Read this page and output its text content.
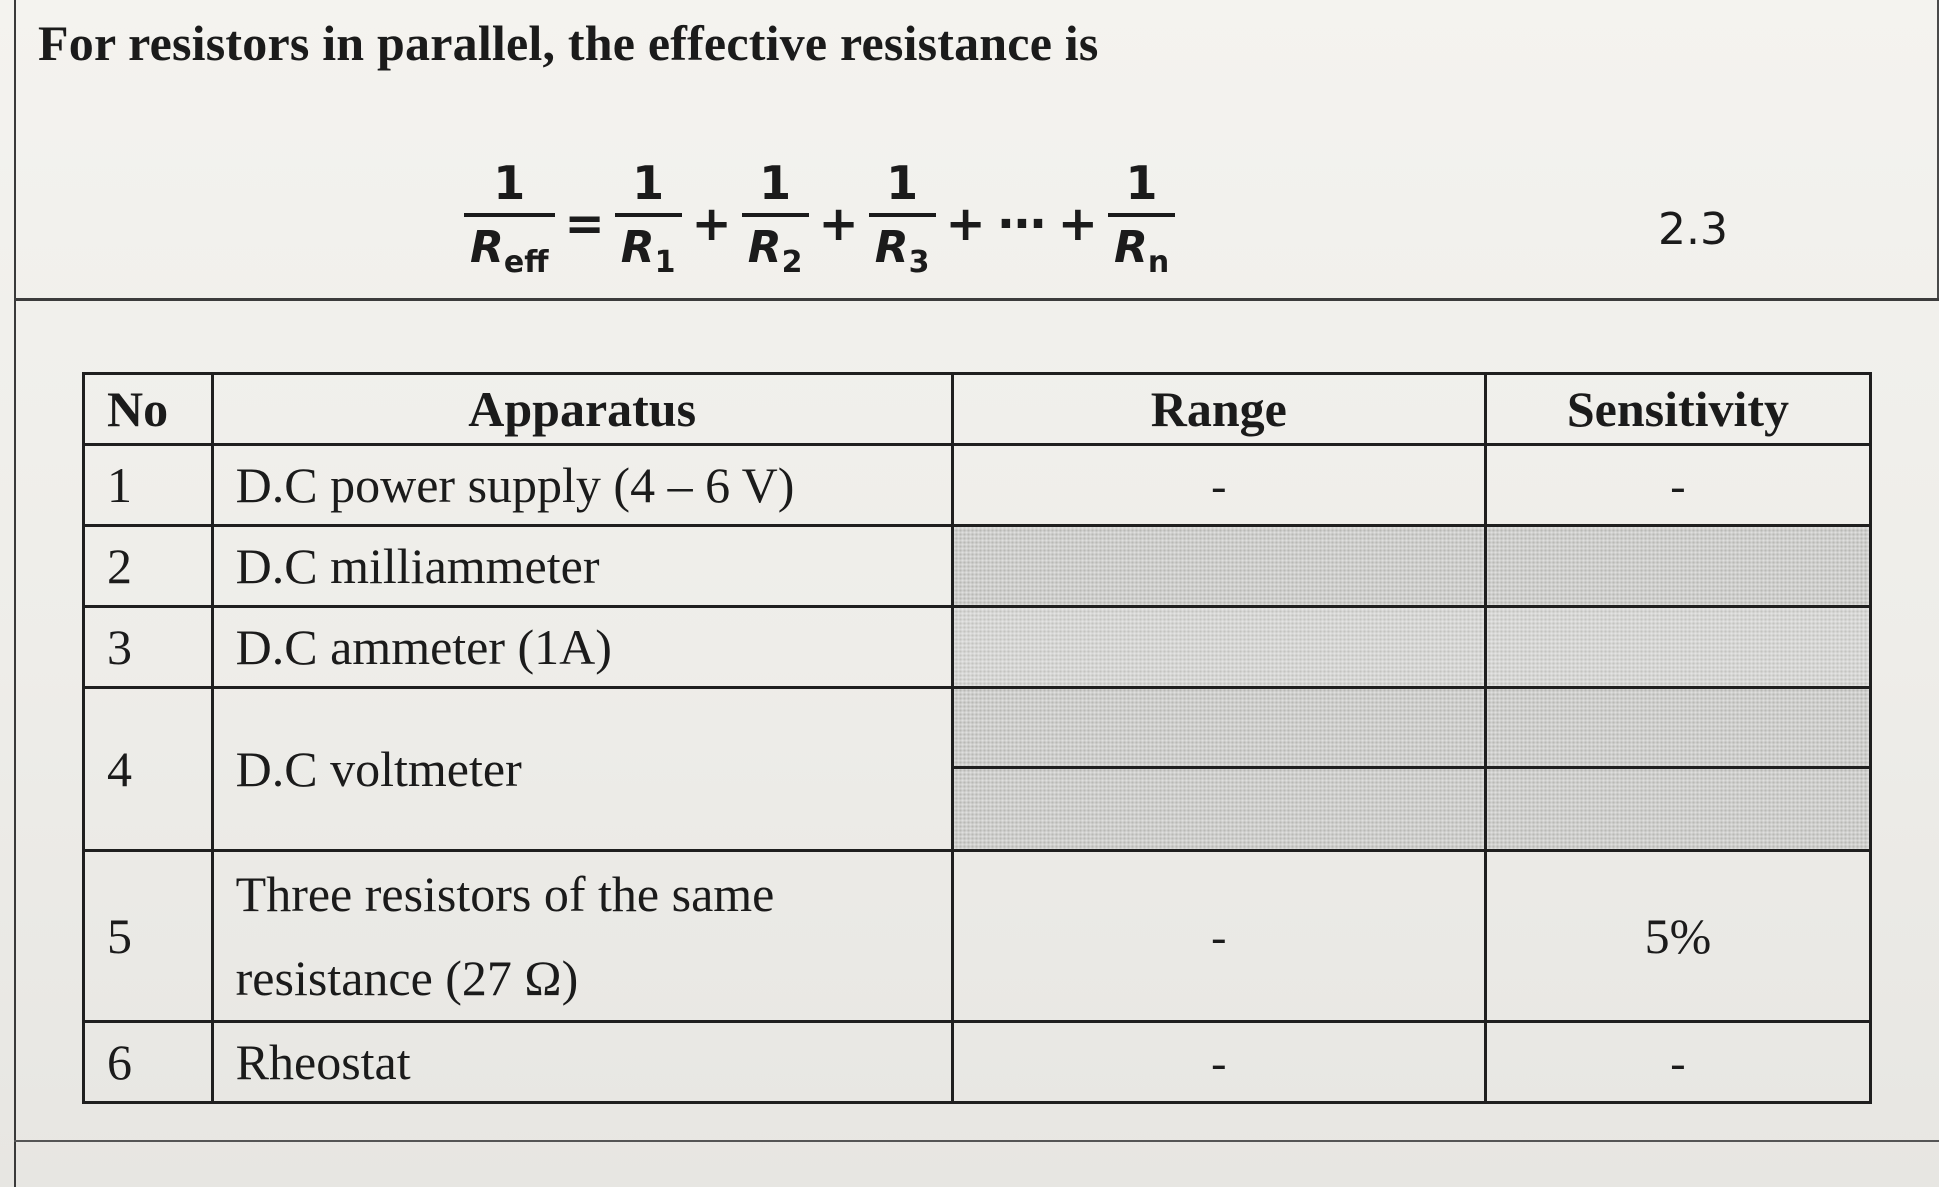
For resistors in parallel, the effective resistance is
$\frac{1}{R_{eff}} = \frac{1}{R_1} + \frac{1}{R_2} + \frac{1}{R_3}$ + ⋯ + $\frac{1}{R_n}$	2.3
No	Apparatus	Range	Sensitivity
1	D.C power supply (4 – 6 V)	-	-
2	D.C milliammeter		
3	D.C ammeter (1A)		
4	D.C voltmeter	

5	Three resistors of the same
resistance (27 Ω)	-	5%
6	Rheostat	-	-
